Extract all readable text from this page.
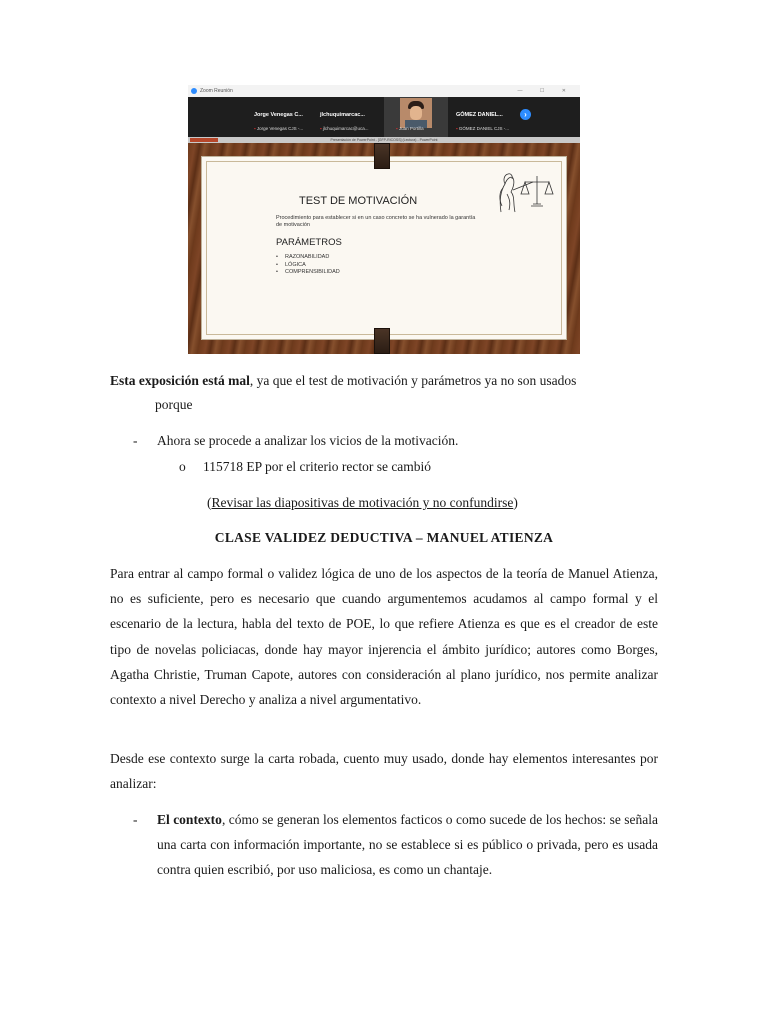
Zoom Reunión	— ☐ ✕
Jorge Venegas C...
▪ Jorge Venegas CJS -...
jlchuquimarcac...
▪ jlchuquimarcac@uca...	▪ Juan Portilla
GÓMEZ DANIEL...
▪ GÓMEZ DANIEL CJS -...
›
Presentación de PowerPoint - [GFP-RICOSS] (Lectura) - PowerPoint
TEST DE MOTIVACIÓN
Procedimiento para establecer si en un caso concreto se ha vulnerado la garantía de motivación
PARÁMETROS
• RAZONABILIDAD
• LÓGICA
• COMPRENSIBILIDAD
Esta exposición está mal, ya que el test de motivación y parámetros ya no son usados
porque
- Ahora se procede a analizar los vicios de la motivación.
o 115718 EP por el criterio rector se cambió
(Revisar las diapositivas de motivación y no confundirse)
CLASE VALIDEZ DEDUCTIVA – MANUEL ATIENZA
Para entrar al campo formal o validez lógica de uno de los aspectos de la teoría de Manuel Atienza, no es suficiente, pero es necesario que cuando argumentemos acudamos al campo formal y el escenario de la lectura, habla del texto de POE, lo que refiere Atienza es que es el creador de este tipo de novelas policiacas, donde hay mayor injerencia el ámbito jurídico; autores como Borges, Agatha Christie, Truman Capote, autores con consideración al plano jurídico, nos permite analizar contexto a nivel Derecho y analiza a nivel argumentativo.
Desde ese contexto surge la carta robada, cuento muy usado, donde hay elementos interesantes por analizar:
- El contexto, cómo se generan los elementos facticos o como sucede de los hechos: se señala una carta con información importante, no se establece si es público o privada, pero es usada contra quien escribió, por uso maliciosa, es como un chantaje.
